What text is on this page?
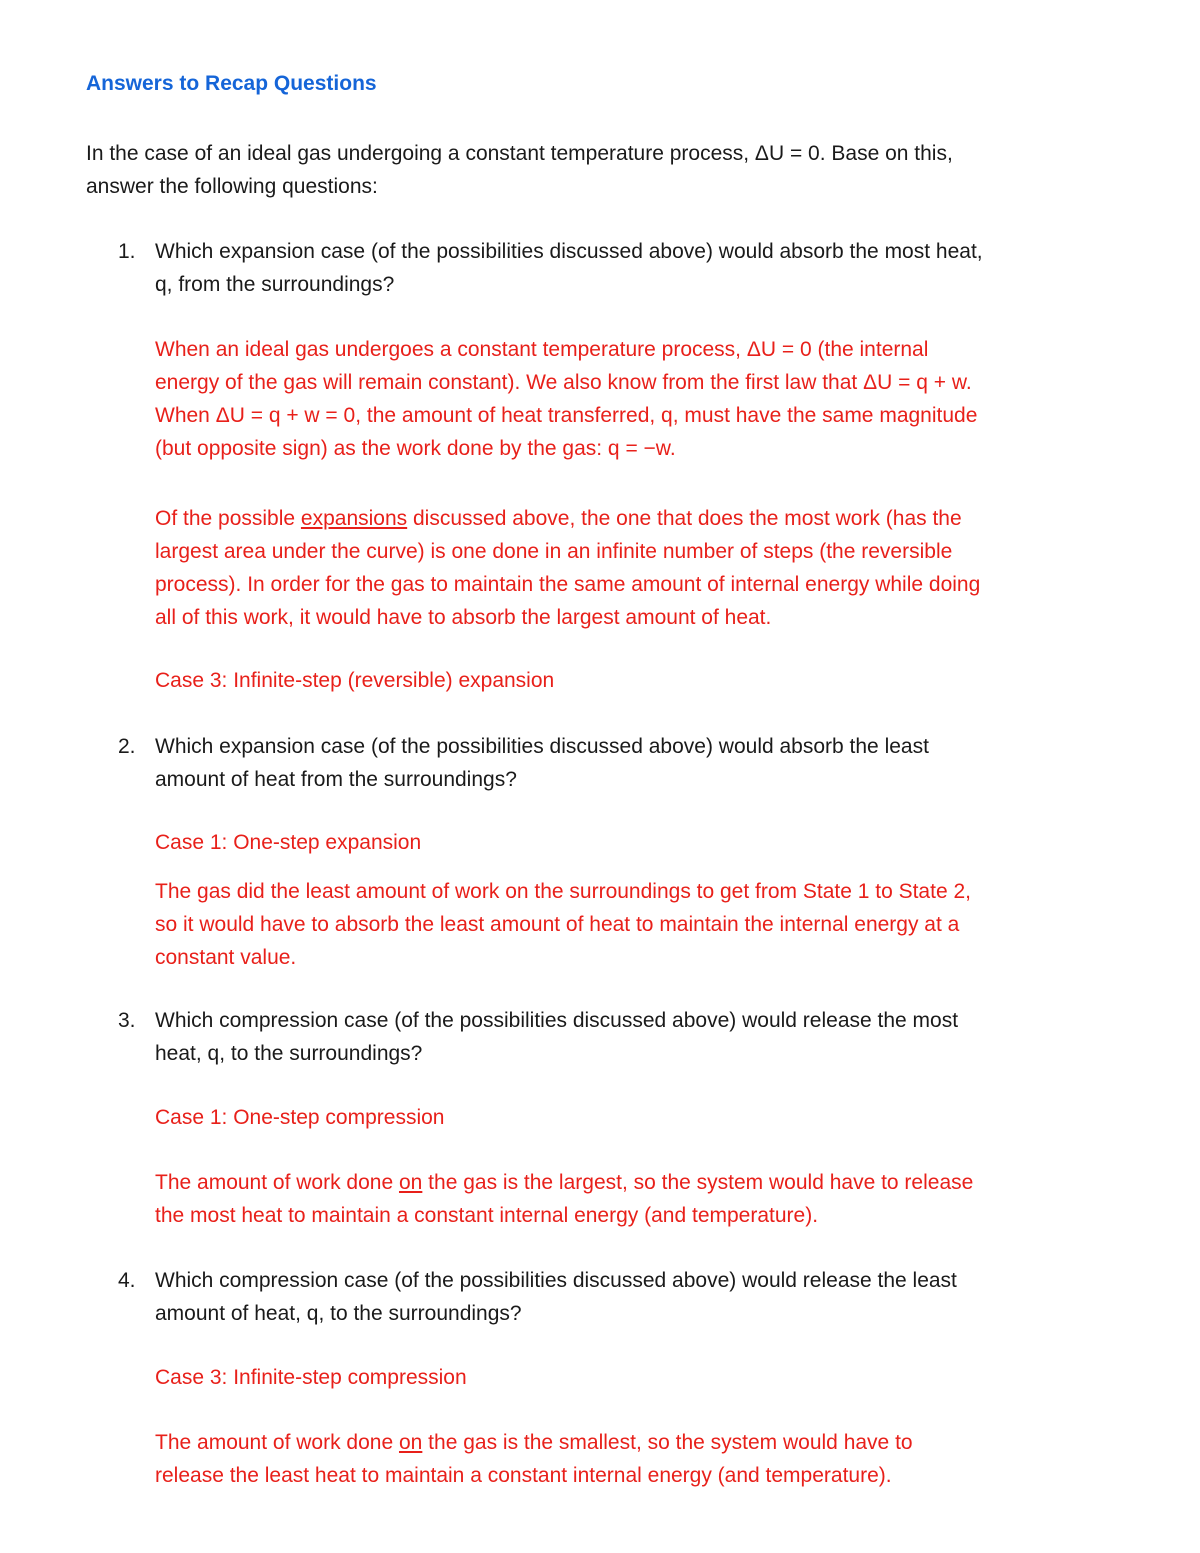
Answers to Recap Questions

In the case of an ideal gas undergoing a constant temperature process, ΔU = 0. Base on this,
answer the following questions:

1. Which expansion case (of the possibilities discussed above) would absorb the most heat,
q, from the surroundings?

When an ideal gas undergoes a constant temperature process, ΔU = 0 (the internal
energy of the gas will remain constant). We also know from the first law that ΔU = q + w.
When ΔU = q + w = 0, the amount of heat transferred, q, must have the same magnitude
(but opposite sign) as the work done by the gas: q = −w.

Of the possible expansions discussed above, the one that does the most work (has the
largest area under the curve) is one done in an infinite number of steps (the reversible
process). In order for the gas to maintain the same amount of internal energy while doing
all of this work, it would have to absorb the largest amount of heat.

Case 3: Infinite-step (reversible) expansion

2. Which expansion case (of the possibilities discussed above) would absorb the least
amount of heat from the surroundings?

Case 1: One-step expansion

The gas did the least amount of work on the surroundings to get from State 1 to State 2,
so it would have to absorb the least amount of heat to maintain the internal energy at a
constant value.

3. Which compression case (of the possibilities discussed above) would release the most
heat, q, to the surroundings?

Case 1: One-step compression

The amount of work done on the gas is the largest, so the system would have to release
the most heat to maintain a constant internal energy (and temperature).

4. Which compression case (of the possibilities discussed above) would release the least
amount of heat, q, to the surroundings?

Case 3: Infinite-step compression

The amount of work done on the gas is the smallest, so the system would have to
release the least heat to maintain a constant internal energy (and temperature).
